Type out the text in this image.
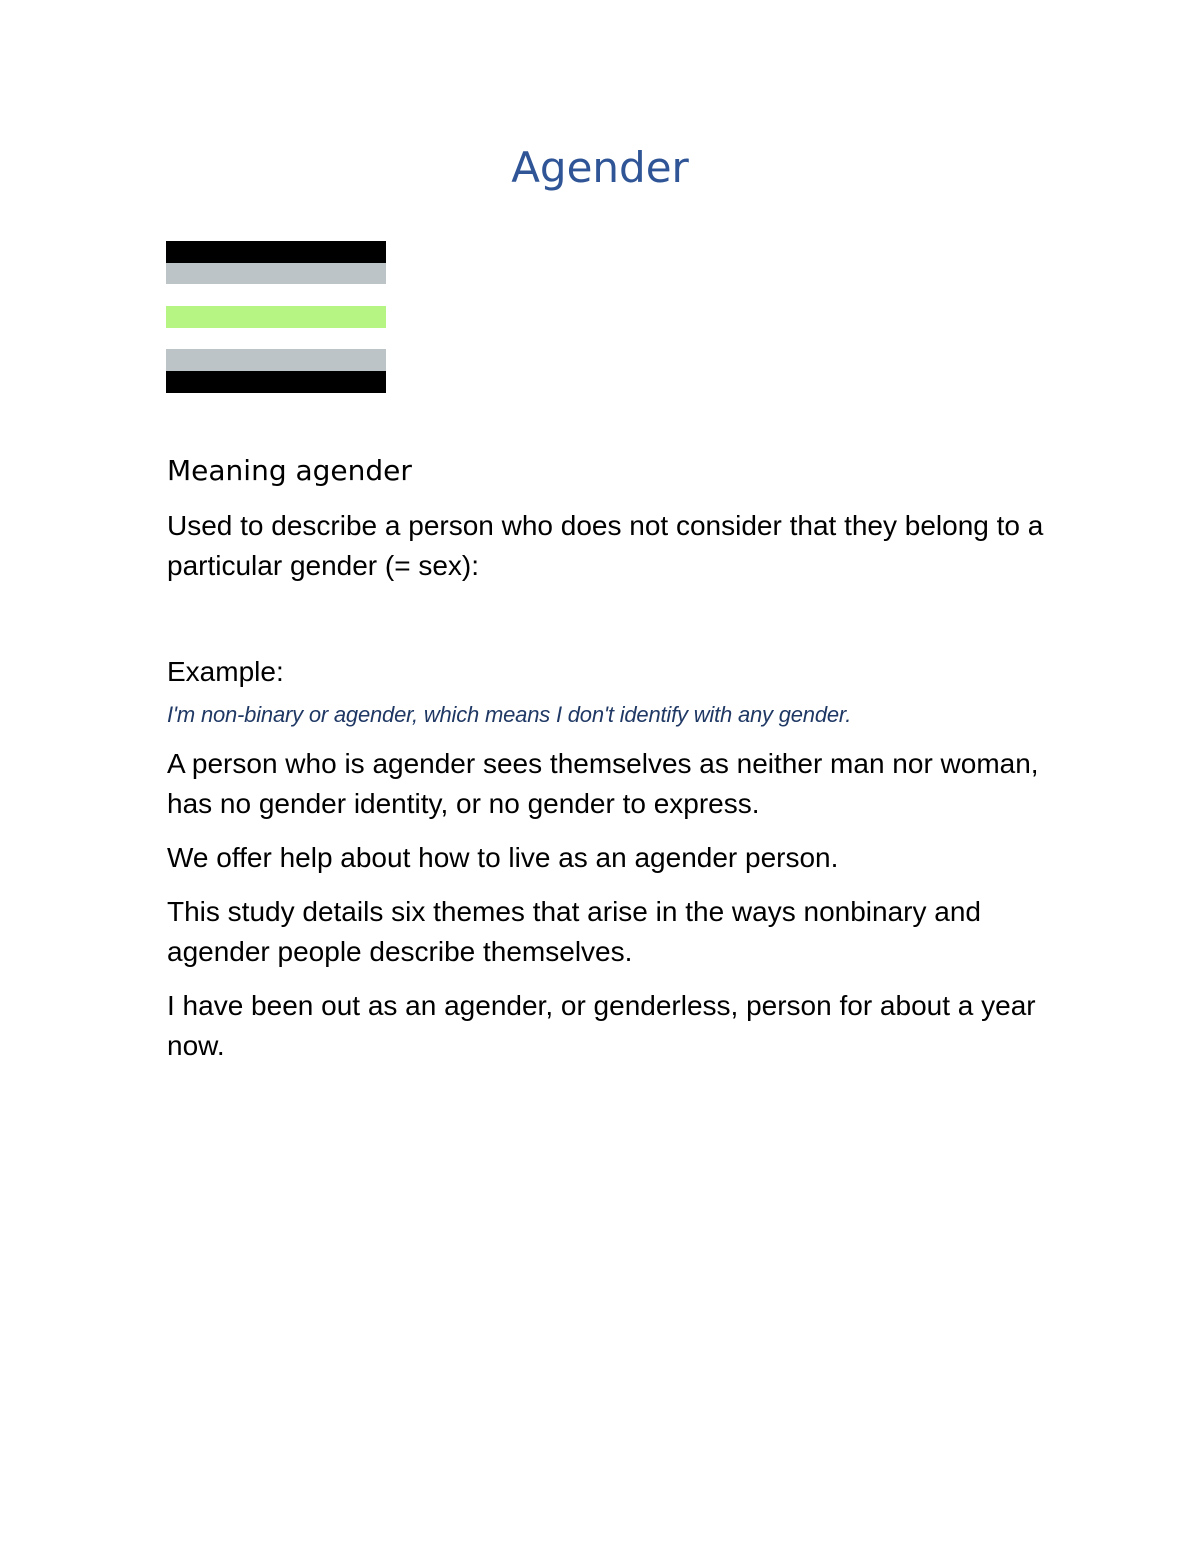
Agender
Meaning agender

Used to describe a person who does not consider that they belong to a particular gender (= sex):

Example:

I'm non-binary or agender, which means I don't identify with any gender.

A person who is agender sees themselves as neither man nor woman, has no gender identity, or no gender to express.

We offer help about how to live as an agender person.

This study details six themes that arise in the ways nonbinary and agender people describe themselves.

I have been out as an agender, or genderless, person for about a year now.
